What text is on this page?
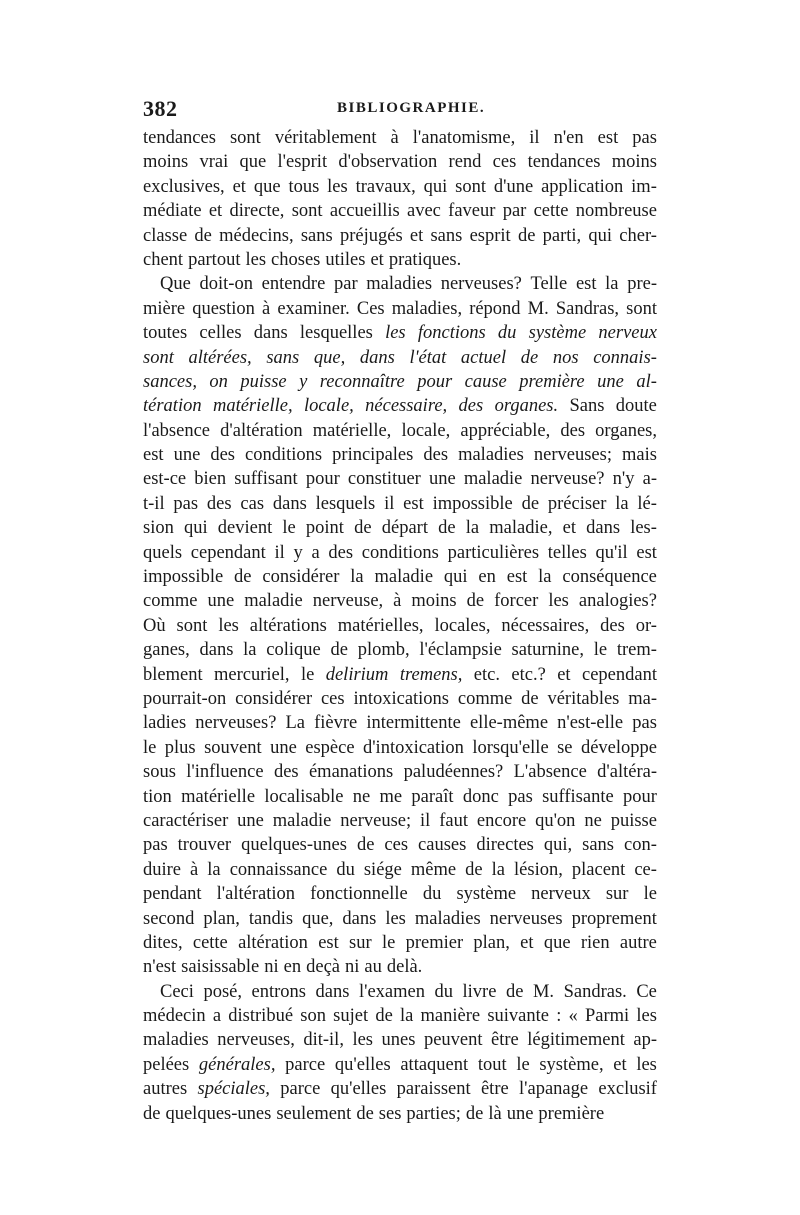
382	BIBLIOGRAPHIE.
tendances sont véritablement à l'anatomisme, il n'en est pas
moins vrai que l'esprit d'observation rend ces tendances moins
exclusives, et que tous les travaux, qui sont d'une application im-
médiate et directe, sont accueillis avec faveur par cette nombreuse
classe de médecins, sans préjugés et sans esprit de parti, qui cher-
chent partout les choses utiles et pratiques.
Que doit-on entendre par maladies nerveuses? Telle est la pre-
mière question à examiner. Ces maladies, répond M. Sandras, sont
toutes celles dans lesquelles les fonctions du système nerveux
sont altérées, sans que, dans l'état actuel de nos connais-
sances, on puisse y reconnaître pour cause première une al-
tération matérielle, locale, nécessaire, des organes. Sans doute
l'absence d'altération matérielle, locale, appréciable, des organes,
est une des conditions principales des maladies nerveuses; mais
est-ce bien suffisant pour constituer une maladie nerveuse? n'y a-
t-il pas des cas dans lesquels il est impossible de préciser la lé-
sion qui devient le point de départ de la maladie, et dans les-
quels cependant il y a des conditions particulières telles qu'il est
impossible de considérer la maladie qui en est la conséquence
comme une maladie nerveuse, à moins de forcer les analogies?
Où sont les altérations matérielles, locales, nécessaires, des or-
ganes, dans la colique de plomb, l'éclampsie saturnine, le trem-
blement mercuriel, le delirium tremens, etc. etc.? et cependant
pourrait-on considérer ces intoxications comme de véritables ma-
ladies nerveuses? La fièvre intermittente elle-même n'est-elle pas
le plus souvent une espèce d'intoxication lorsqu'elle se développe
sous l'influence des émanations paludéennes? L'absence d'altéra-
tion matérielle localisable ne me paraît donc pas suffisante pour
caractériser une maladie nerveuse; il faut encore qu'on ne puisse
pas trouver quelques-unes de ces causes directes qui, sans con-
duire à la connaissance du siége même de la lésion, placent ce-
pendant l'altération fonctionnelle du système nerveux sur le
second plan, tandis que, dans les maladies nerveuses proprement
dites, cette altération est sur le premier plan, et que rien autre
n'est saisissable ni en deçà ni au delà.
Ceci posé, entrons dans l'examen du livre de M. Sandras. Ce
médecin a distribué son sujet de la manière suivante : « Parmi les
maladies nerveuses, dit-il, les unes peuvent être légitimement ap-
pelées générales, parce qu'elles attaquent tout le système, et les
autres spéciales, parce qu'elles paraissent être l'apanage exclusif
de quelques-unes seulement de ses parties; de là une première
